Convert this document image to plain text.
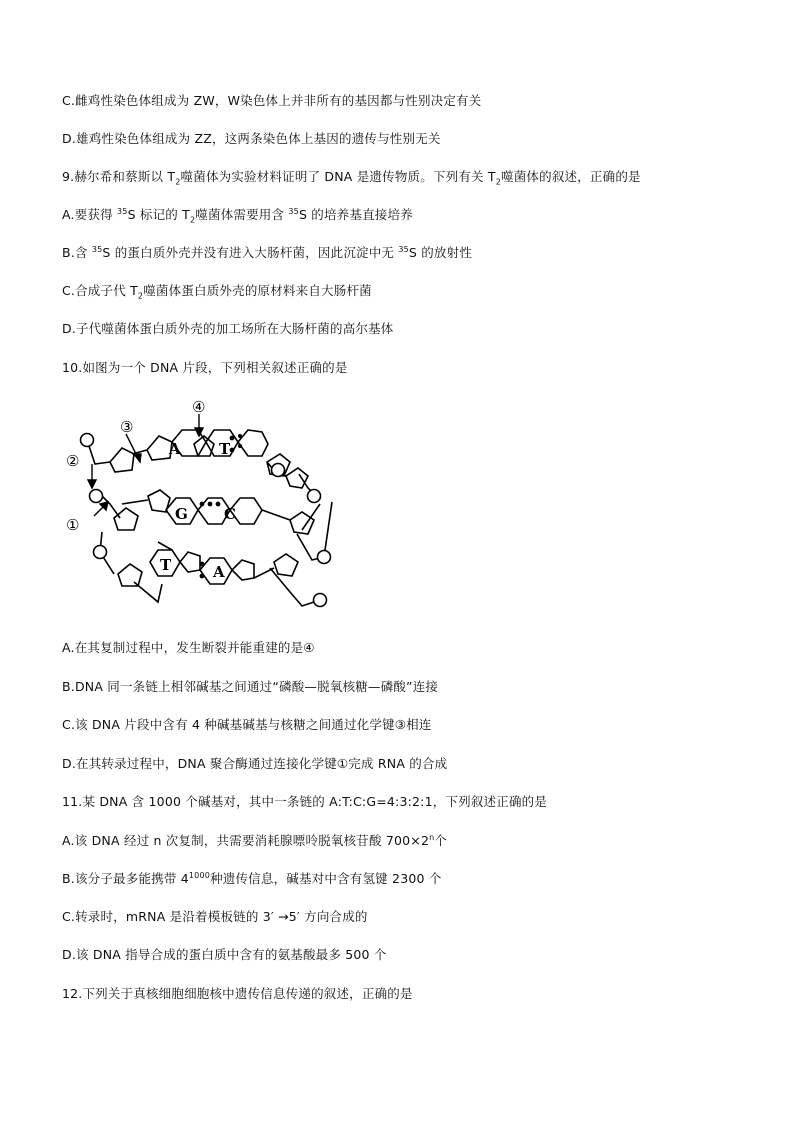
C.雌鸡性染色体组成为 ZW，W染色体上并非所有的基因都与性别决定有关
D.雄鸡性染色体组成为 ZZ，这两条染色体上基因的遗传与性别无关
9.赫尔希和蔡斯以 $T_2$噬菌体为实验材料证明了 DNA 是遗传物质。下列有关 $T_2$噬菌体的叙述，正确的是
A.要获得 $^{35}$S 标记的 $T_2$噬菌体需要用含 $^{35}$S 的培养基直接培养
B.含 $^{35}$S 的蛋白质外壳并没有进入大肠杆菌，因此沉淀中无 $^{35}$S 的放射性
C.合成子代 $T_2$噬菌体蛋白质外壳的原材料来自大肠杆菌
D.子代噬菌体蛋白质外壳的加工场所在大肠杆菌的高尔基体
10.如图为一个 DNA 片段，下列相关叙述正确的是
④
③
②
①
A	T
G C
T	A
A.在其复制过程中，发生断裂并能重建的是④
B.DNA 同一条链上相邻碱基之间通过“磷酸—脱氧核糖—磷酸”连接
C.该 DNA 片段中含有 4 种碱基碱基与核糖之间通过化学键③相连
D.在其转录过程中，DNA 聚合酶通过连接化学键①完成 RNA 的合成
11.某 DNA 含 1000 个碱基对，其中一条链的 A:T:C:G=4:3:2:1，下列叙述正确的是
A.该 DNA 经过 n 次复制，共需要消耗腺嘌呤脱氧核苷酸 $700\times 2^n$个
B.该分子最多能携带 $4^{1000}$种遗传信息，碱基对中含有氢键 2300 个
C.转录时，mRNA 是沿着模板链的 3′ →5′ 方向合成的
D.该 DNA 指导合成的蛋白质中含有的氨基酸最多 500 个
12.下列关于真核细胞细胞核中遗传信息传递的叙述，正确的是
